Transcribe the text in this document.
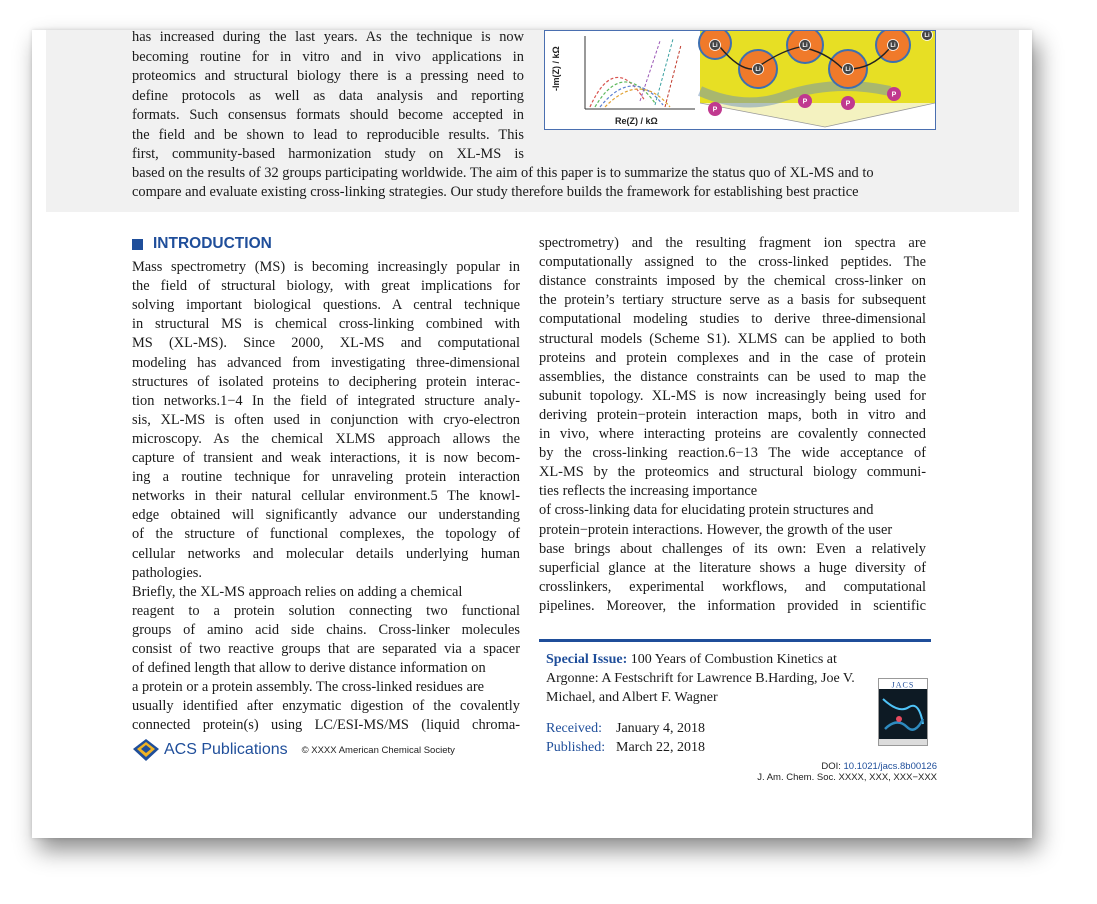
has increased during the last years. As the technique is now
becoming routine for in vitro and in vivo applications in
proteomics and structural biology there is a pressing need to
define protocols as well as data analysis and reporting
formats. Such consensus formats should become accepted in
the field and be shown to lead to reproducible results. This
first, community-based harmonization study on XL-MS is
based on the results of 32 groups participating worldwide. The aim of this paper is to summarize the status quo of XL-MS and to
compare and evaluate existing cross-linking strategies. Our study therefore builds the framework for establishing best practice
-Im(Z) / kΩ
Re(Z) / kΩ
Li
Li
Li
Li
Li
Li
P
P	P
P
INTRODUCTION
Mass spectrometry (MS) is becoming increasingly popular in
the field of structural biology, with great implications for
solving important biological questions. A central technique
in structural MS is chemical cross-linking combined with
MS (XL-MS). Since 2000, XL-MS and computational
modeling has advanced from investigating three-dimensional
structures of isolated proteins to deciphering protein interac-
tion networks.1−4 In the field of integrated structure analy-
sis, XL-MS is often used in conjunction with cryo-electron
microscopy. As the chemical XLMS approach allows the
capture of transient and weak interactions, it is now becom-
ing a routine technique for unraveling protein interaction
networks in their natural cellular environment.5 The knowl-
edge obtained will significantly advance our understanding
of the structure of functional complexes, the topology of
cellular networks and molecular details underlying human
pathologies.
Briefly, the XL-MS approach relies on adding a chemical
reagent to a protein solution connecting two functional
groups of amino acid side chains. Cross-linker molecules
consist of two reactive groups that are separated via a spacer
of defined length that allow to derive distance information on
a protein or a protein assembly. The cross-linked residues are
usually identified after enzymatic digestion of the covalently
connected protein(s) using LC/ESI-MS/MS (liquid chroma-
spectrometry) and the resulting fragment ion spectra are
computationally assigned to the cross-linked peptides. The
distance constraints imposed by the chemical cross-linker on
the protein’s tertiary structure serve as a basis for subsequent
computational modeling studies to derive three-dimensional
structural models (Scheme S1). XLMS can be applied to both
proteins and protein complexes and in the case of protein
assemblies, the distance constraints can be used to map the
subunit topology. XL-MS is now increasingly being used for
deriving protein−protein interaction maps, both in vitro and
in vivo, where interacting proteins are covalently connected
by the cross-linking reaction.6−13 The wide acceptance of
XL-MS by the proteomics and structural biology communi-
ties reflects the increasing importance
of cross-linking data for elucidating protein structures and
protein−protein interactions. However, the growth of the user
base brings about challenges of its own: Even a relatively
superficial glance at the literature shows a huge diversity of
crosslinkers, experimental workflows, and computational
pipelines. Moreover, the information provided in scientific
Special Issue: 100 Years of Combustion Kinetics at
Argonne: A Festschrift for Lawrence B.Harding, Joe V.
Michael, and Albert F. Wagner
JACS
Received: January 4, 2018
Published: March 22, 2018
ACS Publications © XXXX American Chemical Society
DOI: 10.1021/jacs.8b00126
J. Am. Chem. Soc. XXXX, XXX, XXX−XXX
